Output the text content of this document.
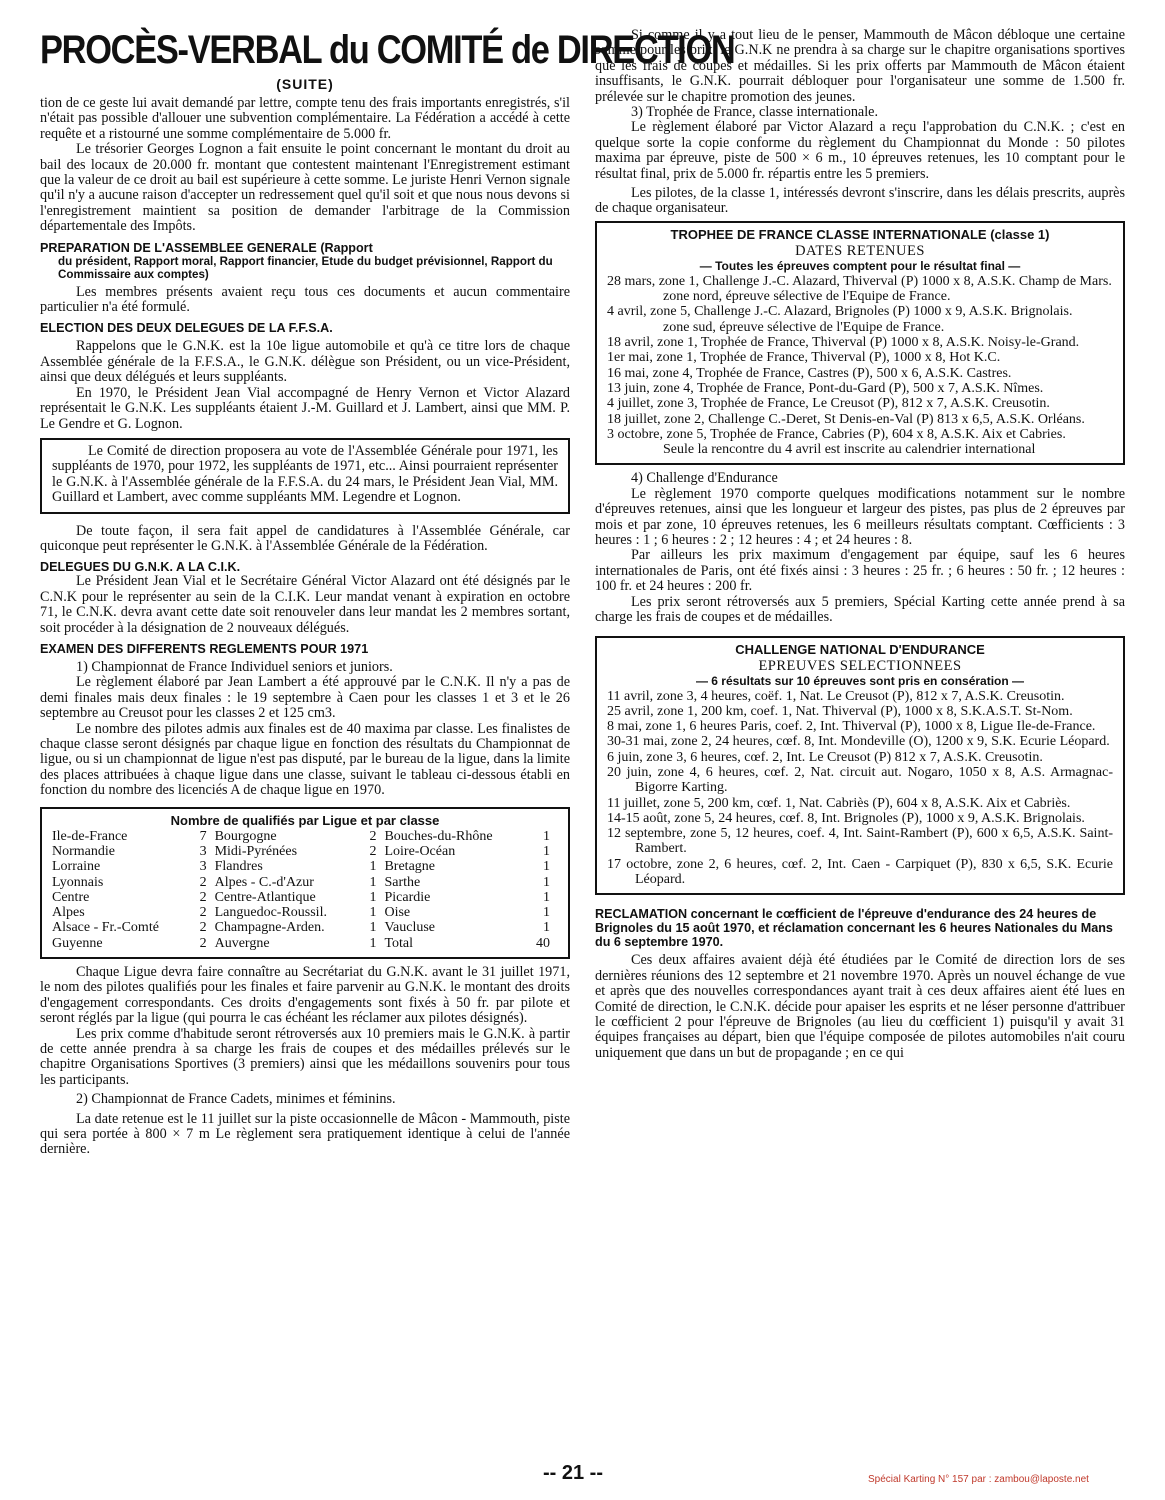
PROCÈS-VERBAL du COMITÉ de DIRECTION
(SUITE)

tion de ce geste lui avait demandé par lettre, compte tenu des frais importants enregistrés, s'il n'était pas possible d'allouer une subvention complémentaire. La Fédération a accédé à cette requête et a ristourné une somme complémentaire de 5.000 fr.

Le trésorier Georges Lognon a fait ensuite le point concernant le montant du droit au bail des locaux de 20.000 fr. montant que contestent maintenant l'Enregistrement estimant que la valeur de ce droit au bail est supérieure à cette somme. Le juriste Henri Vernon signale qu'il n'y a aucune raison d'accepter un redressement quel qu'il soit et que nous nous devons si l'enregistrement maintient sa position de demander l'arbitrage de la Commission départementale des Impôts.

PREPARATION DE L'ASSEMBLEE GENERALE (Rapport
du président, Rapport moral, Rapport financier, Etude du budget prévisionnel, Rapport du Commissaire aux comptes)

Les membres présents avaient reçu tous ces documents et aucun commentaire particulier n'a été formulé.

ELECTION DES DEUX DELEGUES DE LA F.F.S.A.

Rappelons que le G.N.K. est la 10e ligue automobile et qu'à ce titre lors de chaque Assemblée générale de la F.F.S.A., le G.N.K. délègue son Président, ou un vice-Président, ainsi que deux délégués et leurs suppléants.

En 1970, le Président Jean Vial accompagné de Henry Vernon et Victor Alazard représentait le G.N.K. Les suppléants étaient J.-M. Guillard et J. Lambert, ainsi que MM. P. Le Gendre et G. Lognon.

Le Comité de direction proposera au vote de l'Assemblée Générale pour 1971, les suppléants de 1970, pour 1972, les suppléants de 1971, etc... Ainsi pourraient représenter le G.N.K. à l'Assemblée générale de la F.F.S.A. du 24 mars, le Président Jean Vial, MM. Guillard et Lambert, avec comme suppléants MM. Legendre et Lognon.

De toute façon, il sera fait appel de candidatures à l'Assemblée Générale, car quiconque peut représenter le G.N.K. à l'Assemblée Générale de la Fédération.

DELEGUES DU G.N.K. A LA C.I.K.

Le Président Jean Vial et le Secrétaire Général Victor Alazard ont été désignés par le C.N.K pour le représenter au sein de la C.I.K. Leur mandat venant à expiration en octobre 71, le C.N.K. devra avant cette date soit renouveler dans leur mandat les 2 membres sortant, soit procéder à la désignation de 2 nouveaux délégués.

EXAMEN DES DIFFERENTS REGLEMENTS POUR 1971

1) Championnat de France Individuel seniors et juniors.

Le règlement élaboré par Jean Lambert a été approuvé par le C.N.K. Il n'y a pas de demi finales mais deux finales : le 19 septembre à Caen pour les classes 1 et 3 et le 26 septembre au Creusot pour les classes 2 et 125 cm3.

Le nombre des pilotes admis aux finales est de 40 maxima par classe. Les finalistes de chaque classe seront désignés par chaque ligue en fonction des résultats du Championnat de ligue, ou si un championnat de ligue n'est pas disputé, par le bureau de la ligue, dans la limite des places attribuées à chaque ligue dans une classe, suivant le tableau ci-dessous établi en fonction du nombre des licenciés A de chaque ligue en 1970.

Nombre de qualifiés par Ligue et par classe
Ile-de-France	7	Bourgogne	2	Bouches-du-Rhône	1
Normandie	3	Midi-Pyrénées	2	Loire-Océan	1
Lorraine	3	Flandres	1	Bretagne	1
Lyonnais	2	Alpes - C.-d'Azur	1	Sarthe	1
Centre	2	Centre-Atlantique	1	Picardie	1
Alpes	2	Languedoc-Roussil.	1	Oise	1
Alsace - Fr.-Comté	2	Champagne-Arden.	1	Vaucluse	1
Guyenne	2	Auvergne	1	Total	40

Chaque Ligue devra faire connaître au Secrétariat du G.N.K. avant le 31 juillet 1971, le nom des pilotes qualifiés pour les finales et faire parvenir au G.N.K. le montant des droits d'engagement correspondants. Ces droits d'engagements sont fixés à 50 fr. par pilote et seront réglés par la ligue (qui pourra le cas échéant les réclamer aux pilotes désignés).

Les prix comme d'habitude seront rétroversés aux 10 premiers mais le G.N.K. à partir de cette année prendra à sa charge les frais de coupes et des médailles prélevés sur le chapitre Organisations Sportives (3 premiers) ainsi que les médaillons souvenirs pour tous les participants.

2) Championnat de France Cadets, minimes et féminins.

La date retenue est le 11 juillet sur la piste occasionnelle de Mâcon - Mammouth, piste qui sera portée à 800 × 7 m Le règlement sera pratiquement identique à celui de l'année dernière.

Si comme il y a tout lieu de le penser, Mammouth de Mâcon débloque une certaine somme pour les prix, le G.N.K ne prendra à sa charge sur le chapitre organisations sportives que les frais de coupes et médailles. Si les prix offerts par Mammouth de Mâcon étaient insuffisants, le G.N.K. pourrait débloquer pour l'organisateur une somme de 1.500 fr. prélevée sur le chapitre promotion des jeunes.

3) Trophée de France, classe internationale.

Le règlement élaboré par Victor Alazard a reçu l'approbation du C.N.K. ; c'est en quelque sorte la copie conforme du règlement du Championnat du Monde : 50 pilotes maxima par épreuve, piste de 500 × 6 m., 10 épreuves retenues, les 10 comptant pour le résultat final, prix de 5.000 fr. répartis entre les 5 premiers.

Les pilotes, de la classe 1, intéressés devront s'inscrire, dans les délais prescrits, auprès de chaque organisateur.

TROPHEE DE FRANCE CLASSE INTERNATIONALE (classe 1)
DATES RETENUES
— Toutes les épreuves comptent pour le résultat final —
28 mars, zone 1, Challenge J.-C. Alazard, Thiverval (P) 1000 x 8, A.S.K. Champ de Mars.
zone nord, épreuve sélective de l'Equipe de France.
4 avril, zone 5, Challenge J.-C. Alazard, Brignoles (P) 1000 x 9, A.S.K. Brignolais.
zone sud, épreuve sélective de l'Equipe de France.
18 avril, zone 1, Trophée de France, Thiverval (P) 1000 x 8, A.S.K. Noisy-le-Grand.
1er mai, zone 1, Trophée de France, Thiverval (P), 1000 x 8, Hot K.C.
16 mai, zone 4, Trophée de France, Castres (P), 500 x 6, A.S.K. Castres.
13 juin, zone 4, Trophée de France, Pont-du-Gard (P), 500 x 7, A.S.K. Nîmes.
4 juillet, zone 3, Trophée de France, Le Creusot (P), 812 x 7, A.S.K. Creusotin.
18 juillet, zone 2, Challenge C.-Deret, St Denis-en-Val (P) 813 x 6,5, A.S.K. Orléans.
3 octobre, zone 5, Trophée de France, Cabries (P), 604 x 8, A.S.K. Aix et Cabries.
Seule la rencontre du 4 avril est inscrite au calendrier international

4) Challenge d'Endurance

Le règlement 1970 comporte quelques modifications notamment sur le nombre d'épreuves retenues, ainsi que les longueur et largeur des pistes, pas plus de 2 épreuves par mois et par zone, 10 épreuves retenues, les 6 meilleurs résultats comptant. Cœfficients : 3 heures : 1 ; 6 heures : 2 ; 12 heures : 4 ; et 24 heures : 8.

Par ailleurs les prix maximum d'engagement par équipe, sauf les 6 heures internationales de Paris, ont été fixés ainsi : 3 heures : 25 fr. ; 6 heures : 50 fr. ; 12 heures : 100 fr. et 24 heures : 200 fr.

Les prix seront rétroversés aux 5 premiers, Spécial Karting cette année prend à sa charge les frais de coupes et de médailles.

CHALLENGE NATIONAL D'ENDURANCE
EPREUVES SELECTIONNEES
— 6 résultats sur 10 épreuves sont pris en consération —
11 avril, zone 3, 4 heures, coëf. 1, Nat. Le Creusot (P), 812 x 7, A.S.K. Creusotin.
25 avril, zone 1, 200 km, coef. 1, Nat. Thiverval (P), 1000 x 8, S.K.A.S.T. St-Nom.
8 mai, zone 1, 6 heures Paris, coef. 2, Int. Thiverval (P), 1000 x 8, Ligue Ile-de-France.
30-31 mai, zone 2, 24 heures, cœf. 8, Int. Mondeville (O), 1200 x 9, S.K. Ecurie Léopard.
6 juin, zone 3, 6 heures, cœf. 2, Int. Le Creusot (P) 812 x 7, A.S.K. Creusotin.
20 juin, zone 4, 6 heures, cœf. 2, Nat. circuit aut. Nogaro, 1050 x 8, A.S. Armagnac-Bigorre Karting.
11 juillet, zone 5, 200 km, cœf. 1, Nat. Cabriès (P), 604 x 8, A.S.K. Aix et Cabriès.
14-15 août, zone 5, 24 heures, cœf. 8, Int. Brignoles (P), 1000 x 9, A.S.K. Brignolais.
12 septembre, zone 5, 12 heures, coef. 4, Int. Saint-Rambert (P), 600 x 6,5, A.S.K. Saint-Rambert.
17 octobre, zone 2, 6 heures, cœf. 2, Int. Caen - Carpiquet (P), 830 x 6,5, S.K. Ecurie Léopard.
RECLAMATION concernant le cœfficient de l'épreuve d'endurance des 24 heures de Brignoles du 15 août 1970, et réclamation concernant les 6 heures Nationales du Mans du 6 septembre 1970.

Ces deux affaires avaient déjà été étudiées par le Comité de direction lors de ses dernières réunions des 12 septembre et 21 novembre 1970. Après un nouvel échange de vue et après que des nouvelles correspondances ayant trait à ces deux affaires aient été lues en Comité de direction, le C.N.K. décide pour apaiser les esprits et ne léser personne d'attribuer le cœfficient 2 pour l'épreuve de Brignoles (au lieu du cœfficient 1) puisqu'il y avait 31 équipes françaises au départ, bien que l'équipe composée de pilotes automobiles n'ait couru uniquement que dans un but de propagande ; en ce qui

-- 21 --	Spécial Karting N° 157 par : zambou@laposte.net
